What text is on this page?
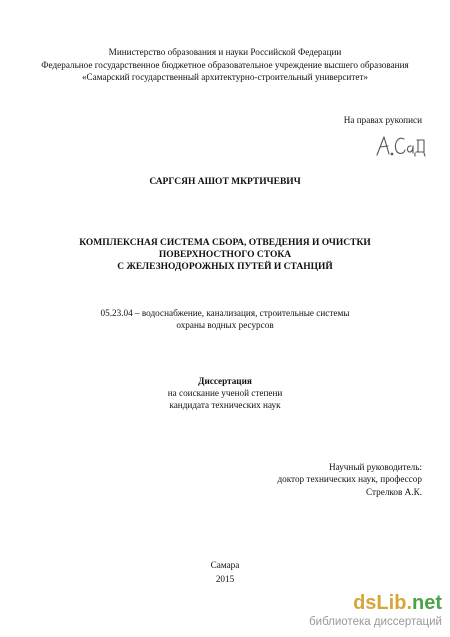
Министерство образования и науки Российской Федерации
Федеральное государственное бюджетное образовательное учреждение высшего образования
«Самарский государственный архитектурно-строительный университет»
На правах рукописи
САРГСЯН АШОТ МКРТИЧЕВИЧ
КОМПЛЕКСНАЯ СИСТЕМА СБОРА, ОТВЕДЕНИЯ И ОЧИСТКИ
ПОВЕРХНОСТНОГО СТОКА
С ЖЕЛЕЗНОДОРОЖНЫХ ПУТЕЙ И СТАНЦИЙ
05.23.04 – водоснабжение, канализация, строительные системы
охраны водных ресурсов
Диссертация
на соискание ученой степени
кандидата технических наук
Научный руководитель:
доктор технических наук, профессор
Стрелков А.К.
Самара
2015
dsLib.net
библиотека диссертаций
